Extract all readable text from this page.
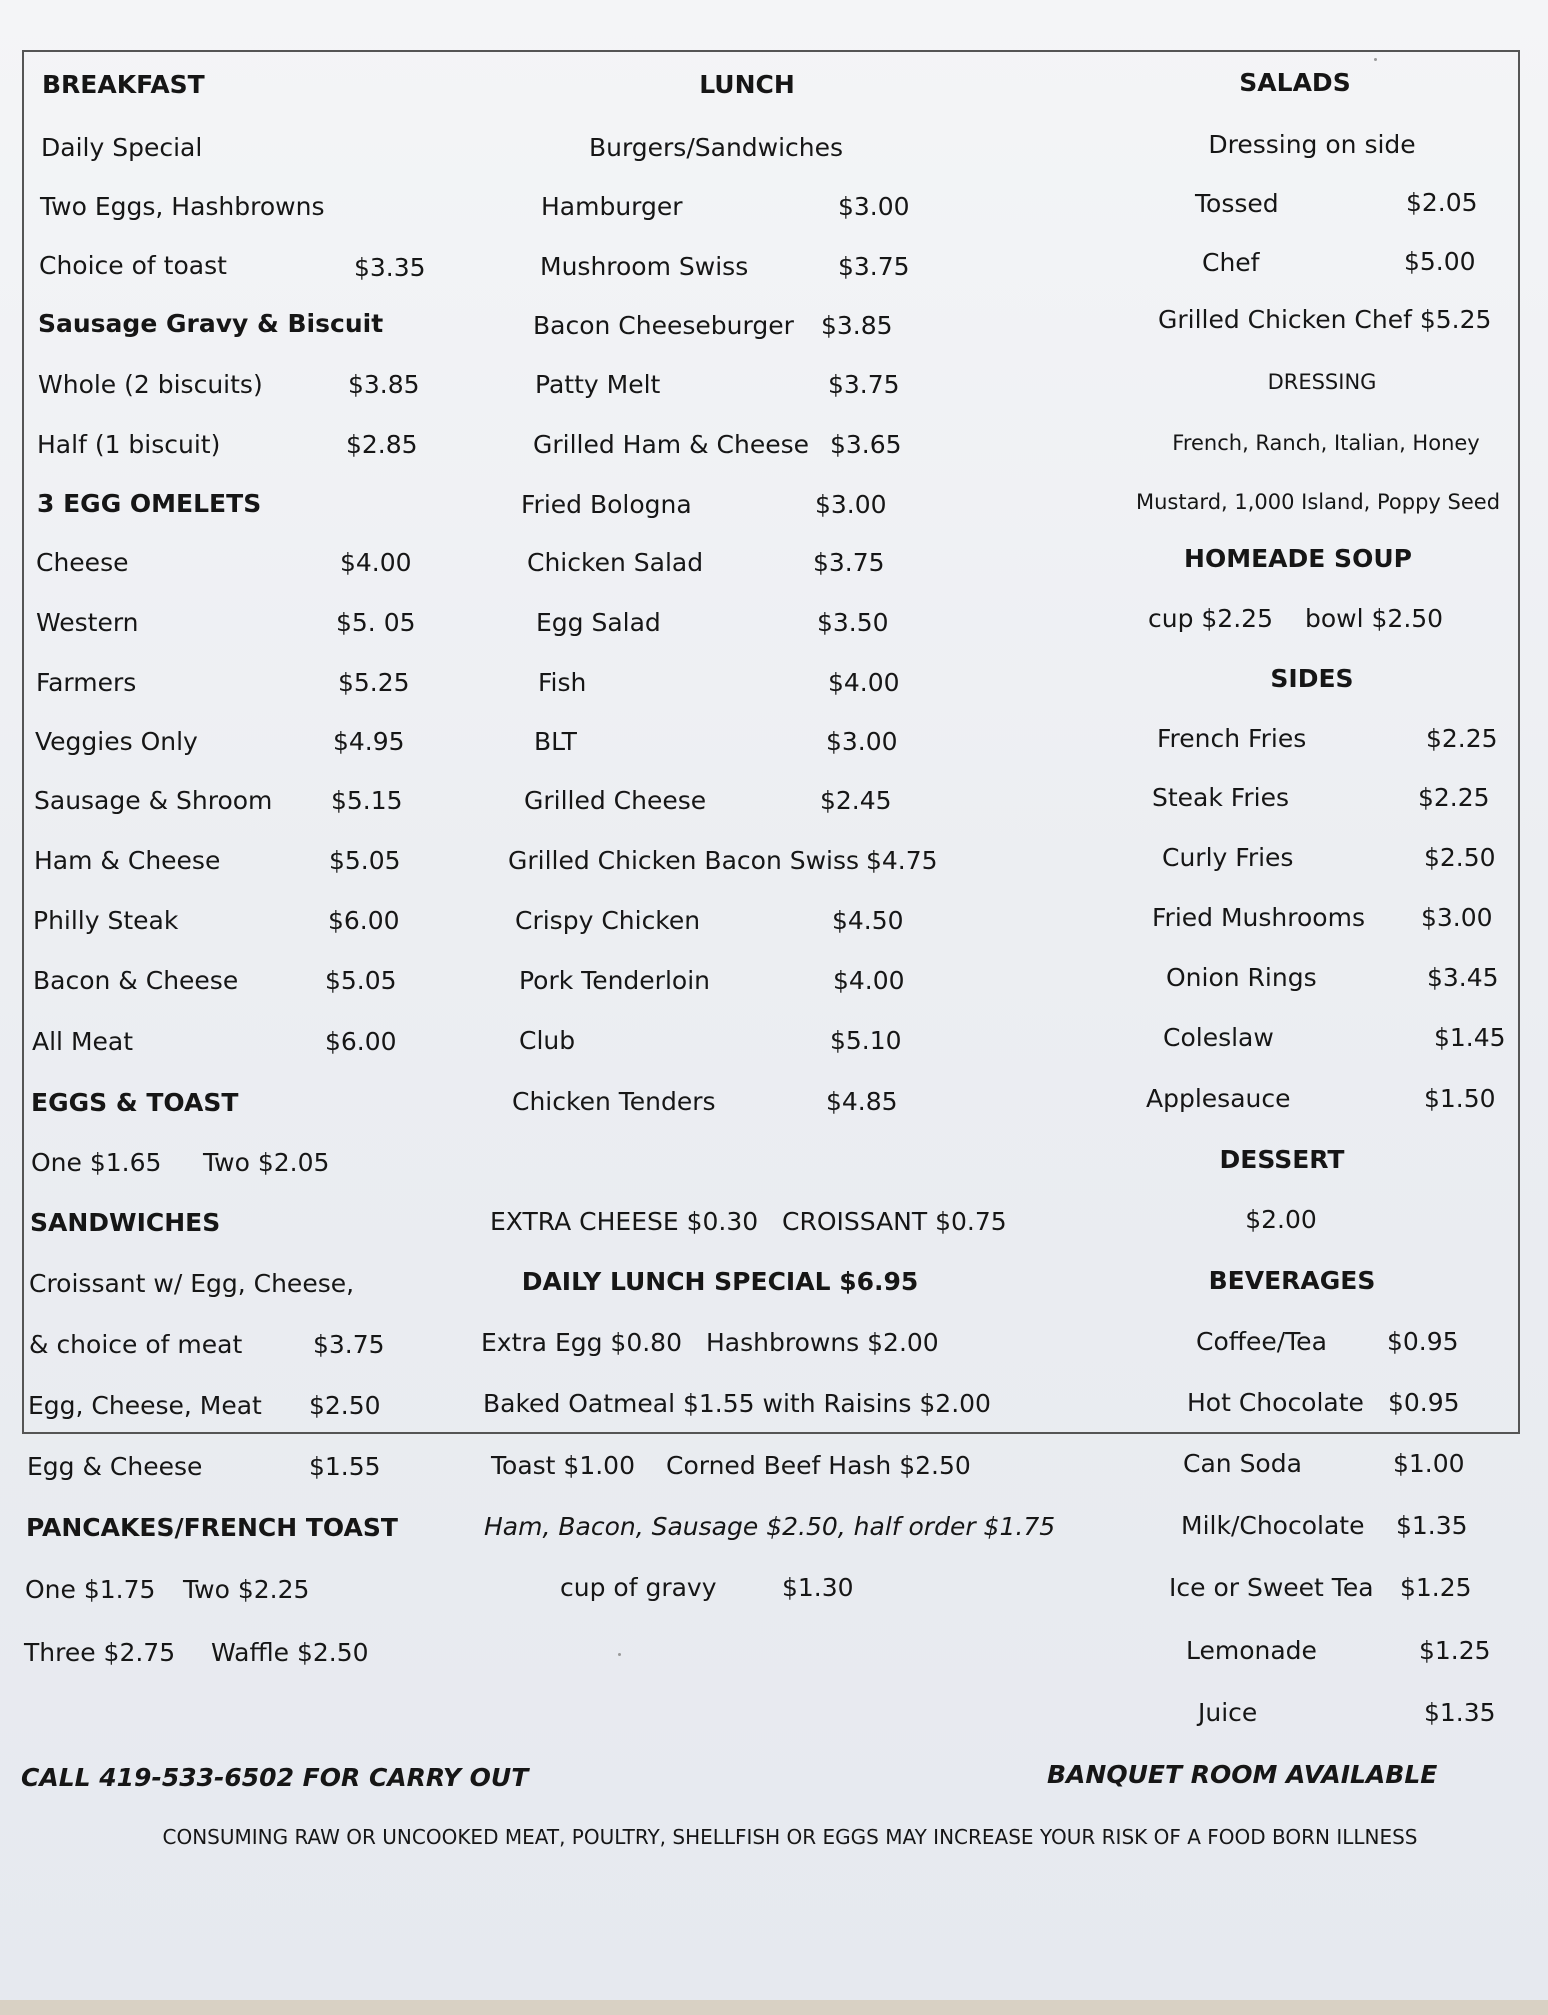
BREAKFAST
Daily Special
Two Eggs, Hashbrowns
Choice of toast	$3.35
Sausage Gravy & Biscuit
Whole (2 biscuits)	$3.85
Half (1 biscuit)	$2.85
3 EGG OMELETS
Cheese	$4.00
Western	$5. 05
Farmers	$5.25
Veggies Only	$4.95
Sausage & Shroom $5.15
Ham & Cheese	$5.05
Philly Steak	$6.00
Bacon & Cheese	$5.05
All Meat	$6.00
EGGS & TOAST
One $1.65 Two $2.05
SANDWICHES
Croissant w/ Egg, Cheese,
& choice of meat	$3.75
Egg, Cheese, Meat $2.50
Egg & Cheese	$1.55
PANCAKES/FRENCH TOAST
One $1.75 Two $2.25
Three $2.75 Waffle $2.50
LUNCH
Burgers/Sandwiches
Hamburger	$3.00
Mushroom Swiss	$3.75
Bacon Cheeseburger $3.85
Patty Melt	$3.75
Grilled Ham & Cheese $3.65
Fried Bologna	$3.00
Chicken Salad	$3.75
Egg Salad	$3.50
Fish	$4.00
BLT	$3.00
Grilled Cheese	$2.45
Grilled Chicken Bacon Swiss $4.75
Crispy Chicken	$4.50
Pork Tenderloin	$4.00
Club	$5.10
Chicken Tenders	$4.85
EXTRA CHEESE $0.30 CROISSANT $0.75
DAILY LUNCH SPECIAL $6.95
Extra Egg $0.80 Hashbrowns $2.00
Baked Oatmeal $1.55 with Raisins $2.00
Toast $1.00 Corned Beef Hash $2.50
Ham, Bacon, Sausage $2.50, half order $1.75
cup of gravy	$1.30
SALADS
Dressing on side
Tossed	$2.05
Chef	$5.00
Grilled Chicken Chef $5.25
DRESSING
French, Ranch, Italian, Honey
Mustard, 1,000 Island, Poppy Seed
HOMEADE SOUP
cup $2.25 bowl $2.50
SIDES
French Fries	$2.25
Steak Fries	$2.25
Curly Fries	$2.50
Fried Mushrooms $3.00
Onion Rings	$3.45
Coleslaw	$1.45
Applesauce	$1.50
DESSERT
$2.00
BEVERAGES
Coffee/Tea $0.95
Hot Chocolate $0.95
Can Soda	$1.00
Milk/Chocolate $1.35
Ice or Sweet Tea $1.25
Lemonade	$1.25
Juice	$1.35
CALL 419-533-6502 FOR CARRY OUT	BANQUET ROOM AVAILABLE
CONSUMING RAW OR UNCOOKED MEAT, POULTRY, SHELLFISH OR EGGS MAY INCREASE YOUR RISK OF A FOOD BORN ILLNESS
